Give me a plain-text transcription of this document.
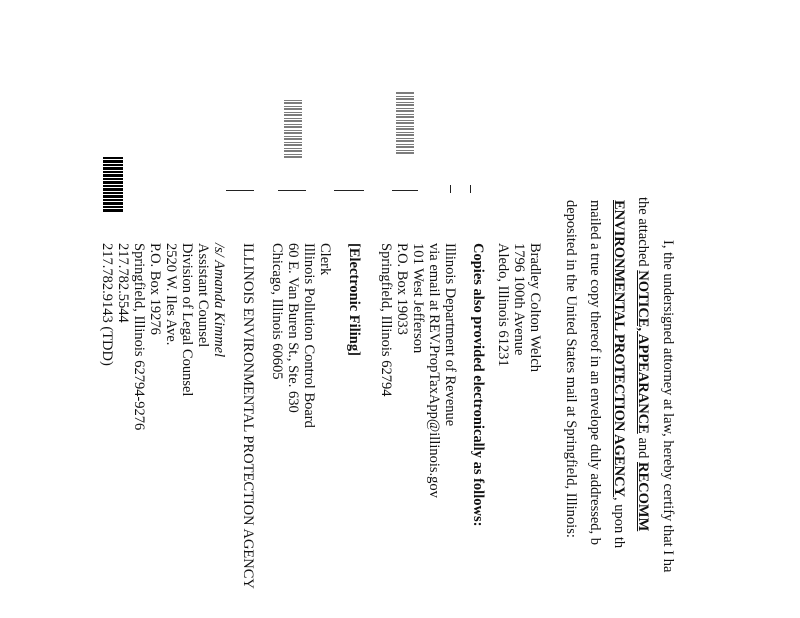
I, the undersigned attorney at law, hereby certify that I ha
the attached NOTICE, APPEARANCE and RECOMM
ENVIRONMENTAL PROTECTION AGENCY, upon th
mailed a true copy thereof in an envelope duly addressed, b
deposited in the United States mail at Springfield, Illinois:
Bradley Colton Welch
1796 100th Avenue
Aledo, Illinois 61231
Copies also provided electronically as follows:
Illinois Department of Revenue
via email at REV.PropTaxApp@illinois.gov
101 West Jefferson
P.O. Box 19033
Springfield, Illinois 62794
[Electronic Filing]
Clerk
Illinois Pollution Control Board
60 E. Van Buren St., Ste. 630
Chicago, Illinois 60605
ILLINOIS ENVIRONMENTAL PROTECTION AGENCY
/s/ Amanda Kimmel
Assistant Counsel
Division of Legal Counsel
2520 W. Iles Ave.
P.O. Box 19276
Springfield, Illinois 62794-9276
217.782.5544
217.782.9143 (TDD)
